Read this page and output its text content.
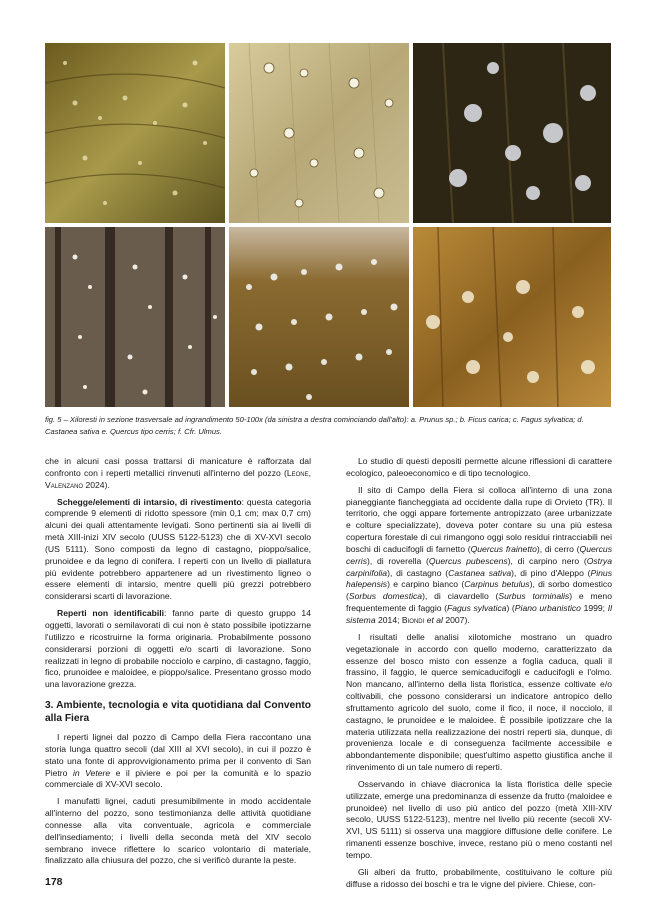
fig. 5 – Xiloresti in sezione trasversale ad ingrandimento 50-100x (da sinistra a destra cominciando dall'alto): a. Prunus sp.; b. Ficus carica; c. Fagus sylvatica; d. Castanea sativa e. Quercus tipo cerris; f. Cfr. Ulmus.

che in alcuni casi possa trattarsi di manicature è rafforzata dal confronto con i reperti metallici rinvenuti all'interno del pozzo (Leone, Valenzano 2024).

Schegge/elementi di intarsio, di rivestimento: questa categoria comprende 9 elementi di ridotto spessore (min 0,1 cm; max 0,7 cm) alcuni dei quali attentamente levigati. Sono pertinenti sia ai livelli di metà XIII-inizi XIV secolo (UUSS 5122-5123) che di XV-XVI secolo (US 5111). Sono composti da legno di castagno, pioppo/salice, prunoidee e da legno di conifera. I reperti con un livello di piallatura più evidente potrebbero appartenere ad un rivestimento ligneo o essere elementi di intarsio, mentre quelli più grezzi potrebbero considerarsi scarti di lavorazione.

Reperti non identificabili: fanno parte di questo gruppo 14 oggetti, lavorati o semilavorati di cui non è stato possibile ipotizzarne l'utilizzo e ricostruirne la forma originaria. Probabilmente possono considerarsi porzioni di oggetti e/o scarti di lavorazione. Sono realizzati in legno di probabile nocciolo e carpino, di castagno, faggio, fico, prunoidee e maloidee, e pioppo/salice. Presentano grosso modo una lavorazione grezza.

3. Ambiente, tecnologia e vita quotidiana dal Convento alla Fiera

I reperti lignei dal pozzo di Campo della Fiera raccontano una storia lunga quattro secoli (dal XIII al XVI secolo), in cui il pozzo è stato una fonte di approvvigionamento prima per il convento di San Pietro in Vetere e il piviere e poi per la comunità e lo spazio commerciale di XV-XVI secolo.

I manufatti lignei, caduti presumibilmente in modo accidentale all'interno del pozzo, sono testimonianza delle attività quotidiane connesse alla vita conventuale, agricola e commerciale dell'insediamento; i livelli della seconda metà del XIV secolo sembrano invece riflettere lo scarico volontario di materiale, finalizzato alla chiusura del pozzo, che si verificò durante la peste.

Lo studio di questi depositi permette alcune riflessioni di carattere ecologico, paleoeconomico e di tipo tecnologico.

Il sito di Campo della Fiera si colloca all'interno di una zona pianeggiante fiancheggiata ad occidente dalla rupe di Orvieto (TR). Il territorio, che oggi appare fortemente antropizzato (aree urbanizzate e colture specializzate), doveva poter contare su una più estesa copertura forestale di cui rimangono oggi solo residui rintracciabili nei boschi di caducifogli di farnetto (Quercus frainetto), di cerro (Quercus cerris), di roverella (Quercus pubescens), di carpino nero (Ostrya carpinifolia), di castagno (Castanea sativa), di pino d'Aleppo (Pinus halepensis) e carpino bianco (Carpinus betulus), di sorbo domestico (Sorbus domestica), di ciavardello (Surbus torminalis) e meno frequentemente di faggio (Fagus sylvatica) (Piano urbanistico 1999; Il sistema 2014; Biondi et al 2007).

I risultati delle analisi xilotomiche mostrano un quadro vegetazionale in accordo con quello moderno, caratterizzato da essenze del bosco misto con essenze a foglia caduca, quali il frassino, il faggio, le querce semicaducifogli e caducifogli e l'olmo. Non mancano, all'interno della lista floristica, essenze coltivate e/o coltivabili, che possono considerarsi un indicatore antropico dello sfruttamento agricolo del suolo, come il fico, il noce, il nocciolo, il castagno, le prunoidee e le maloidee. È possibile ipotizzare che la materia utilizzata nella realizzazione dei nostri reperti sia, dunque, di provenienza locale e di conseguenza facilmente accessibile e abbondantemente disponibile; quest'ultimo aspetto giustifica anche il rinvenimento di un tale numero di reperti.

Osservando in chiave diacronica la lista floristica delle specie utilizzate, emerge una predominanza di essenze da frutto (maloidee e prunoidee) nel livello di uso più antico del pozzo (metà XIII-XIV secolo, UUSS 5122-5123), mentre nel livello più recente (secoli XV-XVI, US 5111) si osserva una maggiore diffusione delle conifere. Le rimanenti essenze boschive, invece, restano più o meno costanti nel tempo.

Gli alberi da frutto, probabilmente, costituivano le colture più diffuse a ridosso dei boschi e tra le vigne del piviere. Chiese, con-

178
